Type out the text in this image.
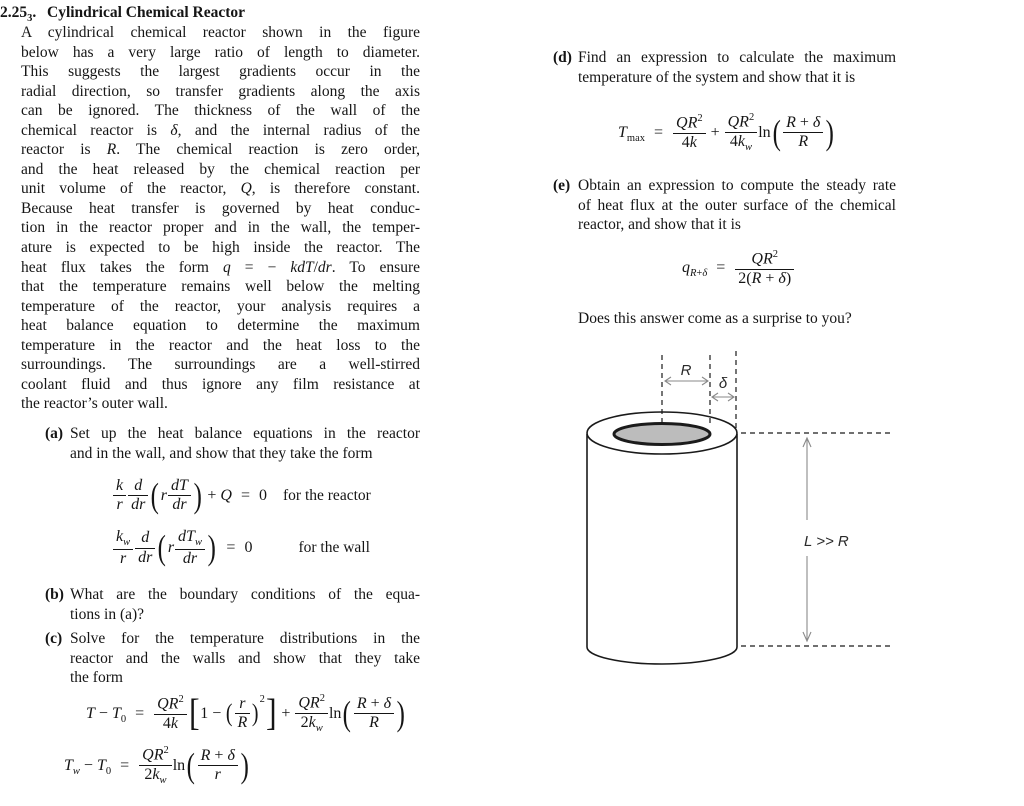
$2.25_3$. Cylindrical Chemical Reactor
A cylindrical chemical reactor shown in the figure
below has a very large ratio of length to diameter.
This suggests the largest gradients occur in the
radial direction, so transfer gradients along the axis
can be ignored. The thickness of the wall of the
chemical reactor is δ, and the internal radius of the
reactor is R. The chemical reaction is zero order,
and the heat released by the chemical reaction per
unit volume of the reactor, Q, is therefore constant.
Because heat transfer is governed by heat conduc-
tion in the reactor proper and in the wall, the temper-
ature is expected to be high inside the reactor. The
heat flux takes the form q = − kdT/dr. To ensure
that the temperature remains well below the melting
temperature of the reactor, your analysis requires a
heat balance equation to determine the maximum
temperature in the reactor and the heat loss to the
surroundings. The surroundings are a well-stirred
coolant fluid and thus ignore any film resistance at
the reactor’s outer wall.
(a) Set up the heat balance equations in the reactor
and in the wall, and show that they take the form
$\frac{k}{r} \frac{d}{dr}$ ( r $\frac{dT}{dr}$ ) + Q = 0 for the reactor
$\frac{k_w}{r} \frac{d}{dr}$ ( r
$dT_w$
dr ) = 0	for the wall
(b) What are the boundary conditions of the equa-
tions in (a)?
(c) Solve for the temperature distributions in the
reactor and the walls and show that they take
the form
$T - T_0 = \frac{QR^2}{4k} [1$ − ( $\frac{r}{R} )^2] + \frac{QR^2}{2k_w} \ln( \frac{R + \delta}{R}$ )
$T_w - T_0 = \frac{QR^2}{2k_w} \ln( \frac{R + \delta}{r}$ )
(d) Find an expression to calculate the maximum
temperature of the system and show that it is
$T_{max} = \frac{QR^2}{4k} + \frac{QR^2}{4k_w} \ln( \frac{R + \delta}{R}$ )
(e) Obtain an expression to compute the steady rate
of heat flux at the outer surface of the chemical
reactor, and show that it is
$q_{R+\delta} = \frac{QR^2}{2(R + \delta)}$
Does this answer come as a surprise to you?
R
δ
L >> R
